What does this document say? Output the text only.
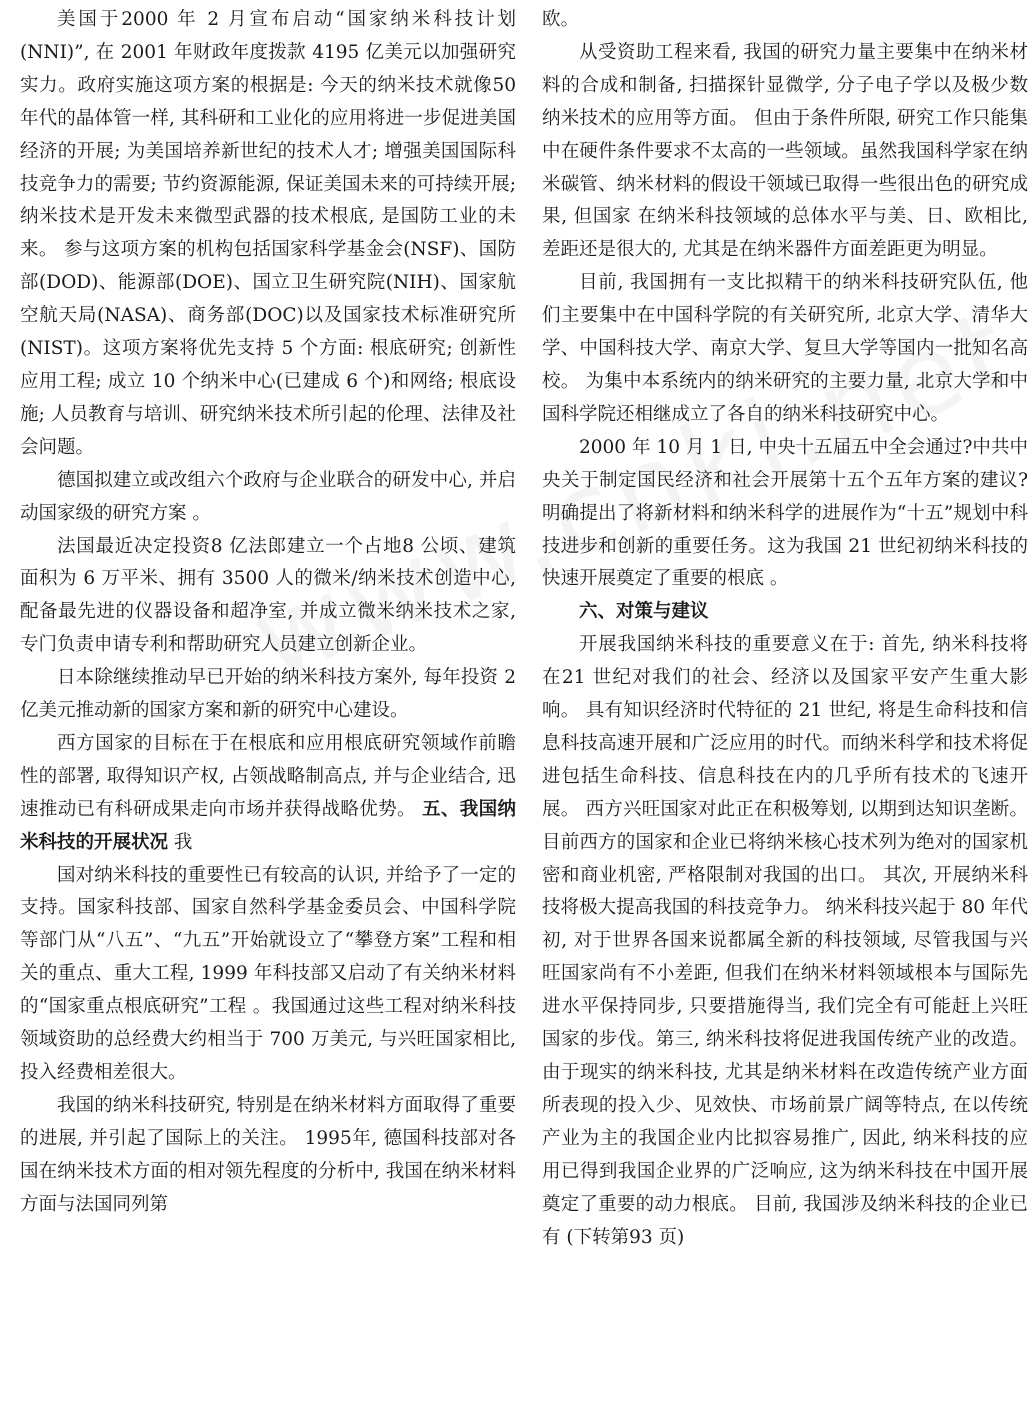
美国于2000 年 2 月宣布启动“国家纳米科技计划(NNI)”, 在 2001 年财政年度拨款 4195 亿美元以加强研究实力。政府实施这项方案的根据是: 今天的纳米技术就像50 年代的晶体管一样, 其科研和工业化的应用将进一步促进美国经济的开展; 为美国培养新世纪的技术人才; 增强美国国际科技竞争力的需要; 节约资源能源, 保证美国未来的可持续开展; 纳米技术是开发未来微型武器的技术根底, 是国防工业的未来。 参与这项方案的机构包括国家科学基金会(NSF)、国防部(DOD)、能源部(DOE)、国立卫生研究院(NIH)、国家航空航天局(NASA)、商务部(DOC)以及国家技术标准研究所(NIST)。这项方案将优先支持 5 个方面: 根底研究; 创新性应用工程; 成立 10 个纳米中心(已建成 6 个)和网络; 根底设施; 人员教育与培训、研究纳米技术所引起的伦理、法律及社会问题。

德国拟建立或改组六个政府与企业联合的研发中心, 并启动国家级的研究方案 。

法国最近决定投资8 亿法郎建立一个占地8 公顷、建筑面积为 6 万平米、拥有 3500 人的微米/纳米技术创造中心, 配备最先进的仪器设备和超净室, 并成立微米纳米技术之家, 专门负责申请专利和帮助研究人员建立创新企业。

日本除继续推动早已开始的纳米科技方案外, 每年投资 2 亿美元推动新的国家方案和新的研究中心建设。

西方国家的目标在于在根底和应用根底研究领域作前瞻性的部署, 取得知识产权, 占领战略制高点, 并与企业结合, 迅速推动已有科研成果走向市场并获得战略优势。 五、我国纳米科技的开展状况 我

国对纳米科技的重要性已有较高的认识, 并给予了一定的支持。国家科技部、国家自然科学基金委员会、中国科学院等部门从“八五”、“九五”开始就设立了“攀登方案”工程和相关的重点、重大工程, 1999 年科技部又启动了有关纳米材料的“国家重点根底研究”工程 。我国通过这些工程对纳米科技领域资助的总经费大约相当于 700 万美元, 与兴旺国家相比, 投入经费相差很大。

我国的纳米科技研究, 特别是在纳米材料方面取得了重要的进展, 并引起了国际上的关注。 1995年, 德国科技部对各国在纳米技术方面的相对领先程度的分析中, 我国在纳米材料方面与法国同列第

欧。

从受资助工程来看, 我国的研究力量主要集中在纳米材料的合成和制备, 扫描探针显微学, 分子电子学以及极少数纳米技术的应用等方面。 但由于条件所限, 研究工作只能集中在硬件条件要求不太高的一些领域。虽然我国科学家在纳米碳管、纳米材料的假设干领域已取得一些很出色的研究成果, 但国家 在纳米科技领域的总体水平与美、日、欧相比, 差距还是很大的, 尤其是在纳米器件方面差距更为明显。

目前, 我国拥有一支比拟精干的纳米科技研究队伍, 他们主要集中在中国科学院的有关研究所, 北京大学、清华大学、中国科技大学、南京大学、复旦大学等国内一批知名高校。 为集中本系统内的纳米研究的主要力量, 北京大学和中国科学院还相继成立了各自的纳米科技研究中心。

2000 年 10 月 1 日, 中央十五届五中全会通过?中共中央关于制定国民经济和社会开展第十五个五年方案的建议?明确提出了将新材料和纳米科学的进展作为“十五”规划中科技进步和创新的重要任务。这为我国 21 世纪初纳米科技的快速开展奠定了重要的根底 。

六、对策与建议

开展我国纳米科技的重要意义在于: 首先, 纳米科技将在21 世纪对我们的社会、经济以及国家平安产生重大影响。 具有知识经济时代特征的 21 世纪, 将是生命科技和信息科技高速开展和广泛应用的时代。而纳米科学和技术将促进包括生命科技、信息科技在内的几乎所有技术的飞速开展。 西方兴旺国家对此正在积极筹划, 以期到达知识垄断。目前西方的国家和企业已将纳米核心技术列为绝对的国家机密和商业机密, 严格限制对我国的出口。 其次, 开展纳米科技将极大提高我国的科技竞争力。 纳米科技兴起于 80 年代初, 对于世界各国来说都属全新的科技领域, 尽管我国与兴旺国家尚有不小差距, 但我们在纳米材料领域根本与国际先进水平保持同步, 只要措施得当, 我们完全有可能赶上兴旺国家的步伐。第三, 纳米科技将促进我国传统产业的改造。由于现实的纳米科技, 尤其是纳米材料在改造传统产业方面所表现的投入少、见效快、市场前景广阔等特点, 在以传统产业为主的我国企业内比拟容易推广, 因此, 纳米科技的应用已得到我国企业界的广泛响应, 这为纳米科技在中国开展奠定了重要的动力根底。 目前, 我国涉及纳米科技的企业已有 (下转第93 页)
